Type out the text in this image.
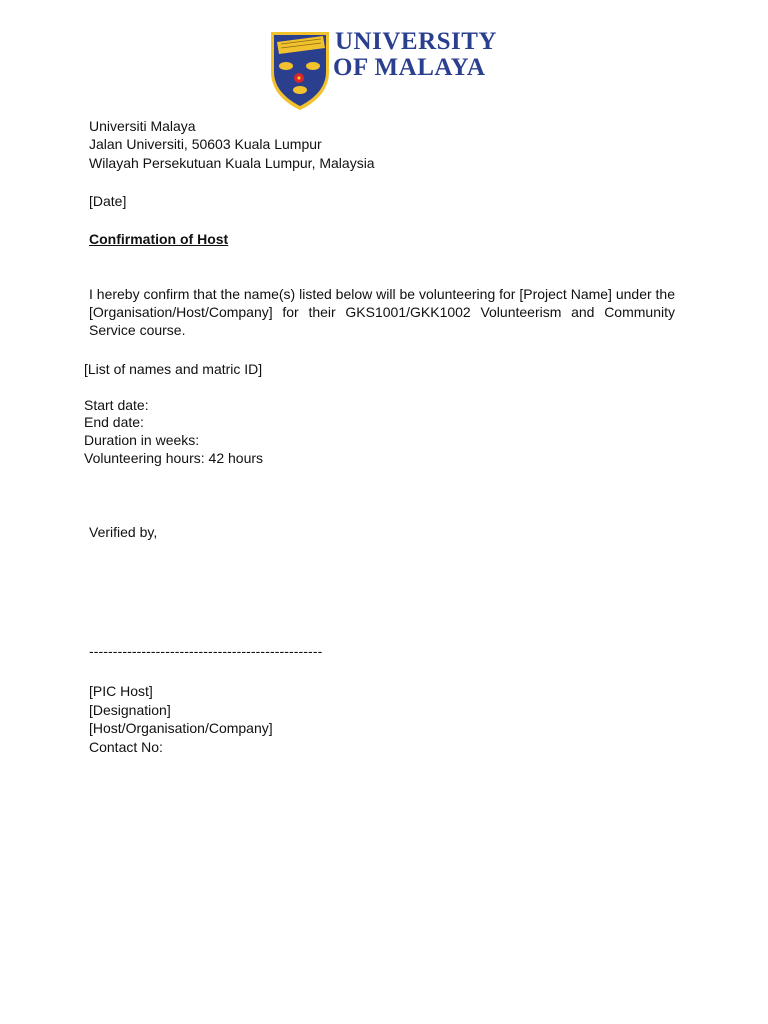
UNIVERSITY
OF MALAYA
Universiti Malaya
Jalan Universiti, 50603 Kuala Lumpur
Wilayah Persekutuan Kuala Lumpur, Malaysia
[Date]
Confirmation of Host
I hereby confirm that the name(s) listed below will be volunteering for [Project Name] under the
[Organisation/Host/Company] for their GKS1001/GKK1002 Volunteerism and Community
Service course.
[List of names and matric ID]
Start date:
End date:
Duration in weeks:
Volunteering hours: 42 hours
Verified by,
-------------------------------------------------
[PIC Host]
[Designation]
[Host/Organisation/Company]
Contact No:
